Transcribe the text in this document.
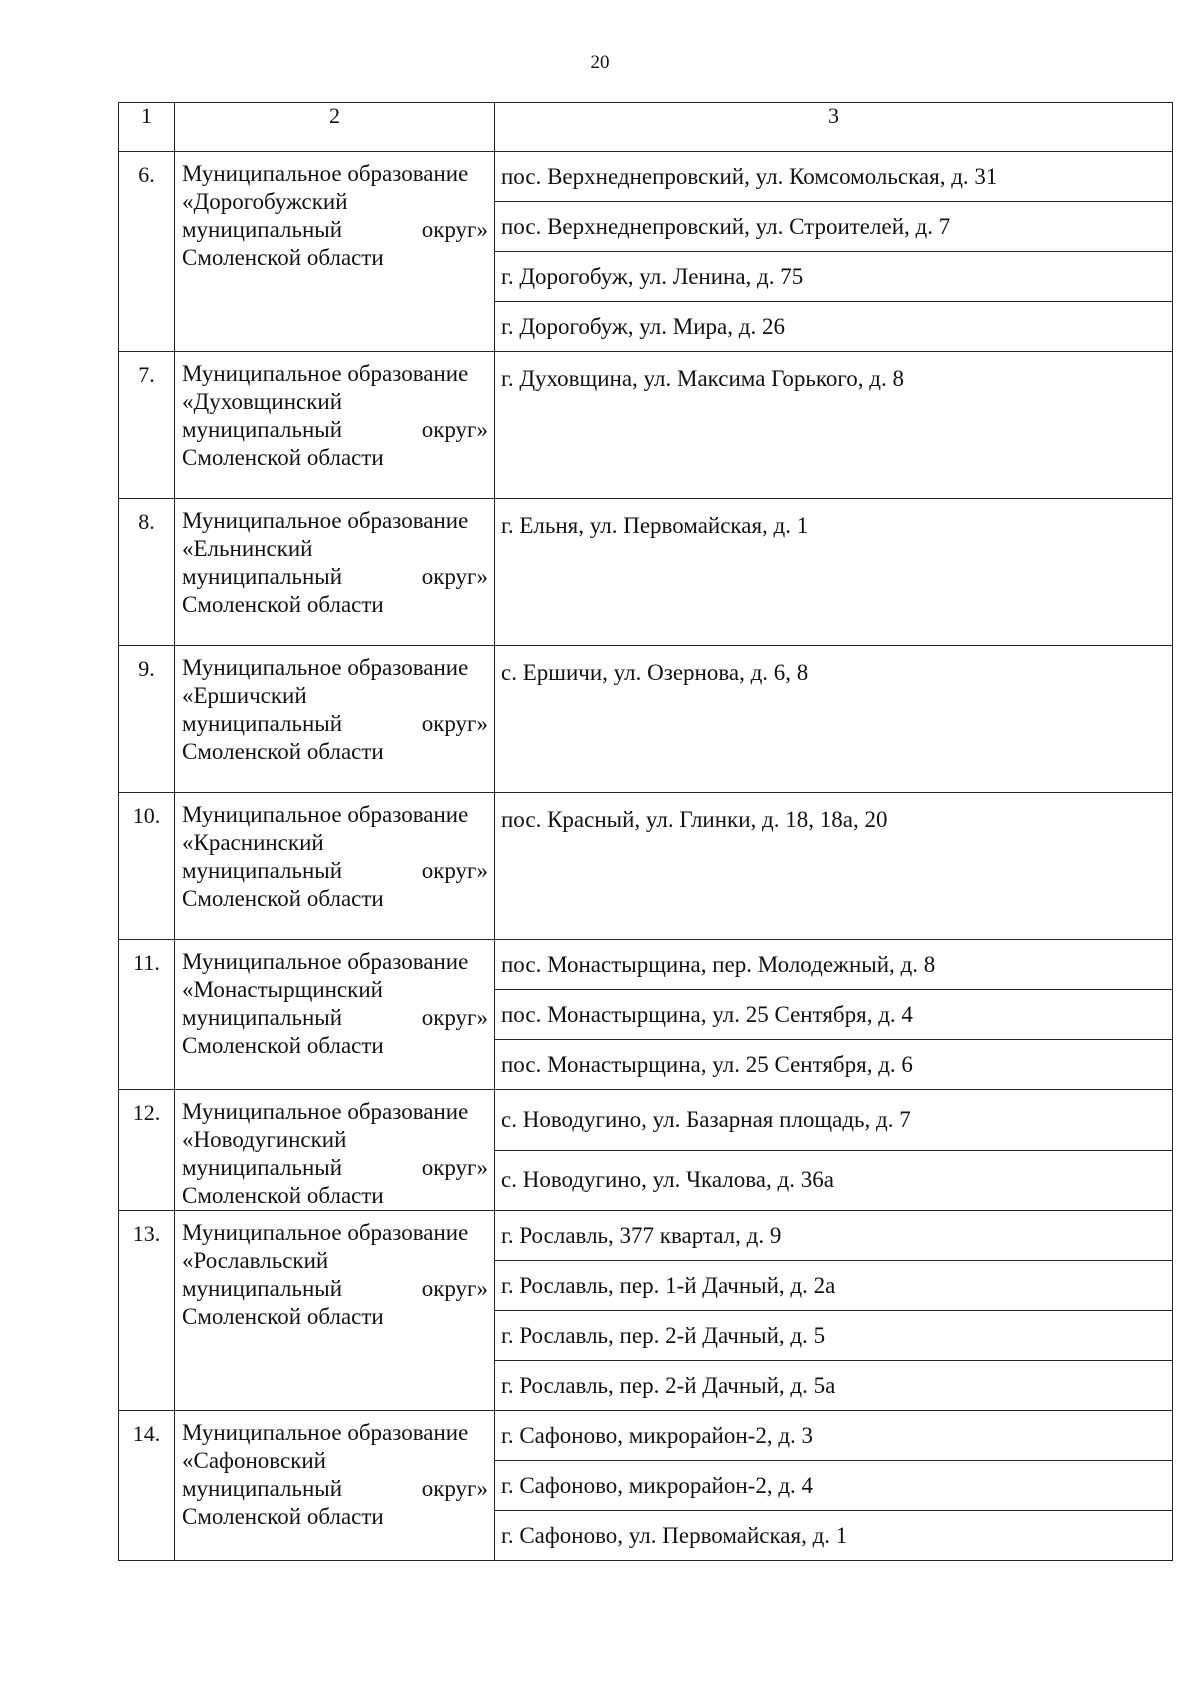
20
1	2	3
6.	Муниципальное образование
«Дорогобужский
муниципальный округ»
Смоленской области	пос. Верхнеднепровский, ул. Комсомольская, д. 31
		пос. Верхнеднепровский, ул. Строителей, д. 7
		г. Дорогобуж, ул. Ленина, д. 75
		г. Дорогобуж, ул. Мира, д. 26
7.	Муниципальное образование
«Духовщинский
муниципальный округ»
Смоленской области	г. Духовщина, ул. Максима Горького, д. 8
8.	Муниципальное образование
«Ельнинский
муниципальный округ»
Смоленской области	г. Ельня, ул. Первомайская, д. 1
9.	Муниципальное образование
«Ершичский
муниципальный округ»
Смоленской области	с. Ершичи, ул. Озернова, д. 6, 8
10.	Муниципальное образование
«Краснинский
муниципальный округ»
Смоленской области	пос. Красный, ул. Глинки, д. 18, 18а, 20
11.	Муниципальное образование
«Монастырщинский
муниципальный округ»
Смоленской области	пос. Монастырщина, пер. Молодежный, д. 8
		пос. Монастырщина, ул. 25 Сентября, д. 4
		пос. Монастырщина, ул. 25 Сентября, д. 6
12.	Муниципальное образование
«Новодугинский
муниципальный округ»
Смоленской области	с. Новодугино, ул. Базарная площадь, д. 7
		с. Новодугино, ул. Чкалова, д. 36а
13.	Муниципальное образование
«Рославльский
муниципальный округ»
Смоленской области	г. Рославль, 377 квартал, д. 9
		г. Рославль, пер. 1-й Дачный, д. 2а
		г. Рославль, пер. 2-й Дачный, д. 5
		г. Рославль, пер. 2-й Дачный, д. 5а
14.	Муниципальное образование
«Сафоновский
муниципальный округ»
Смоленской области	г. Сафоново, микрорайон-2, д. 3
		г. Сафоново, микрорайон-2, д. 4
		г. Сафоново, ул. Первомайская, д. 1
